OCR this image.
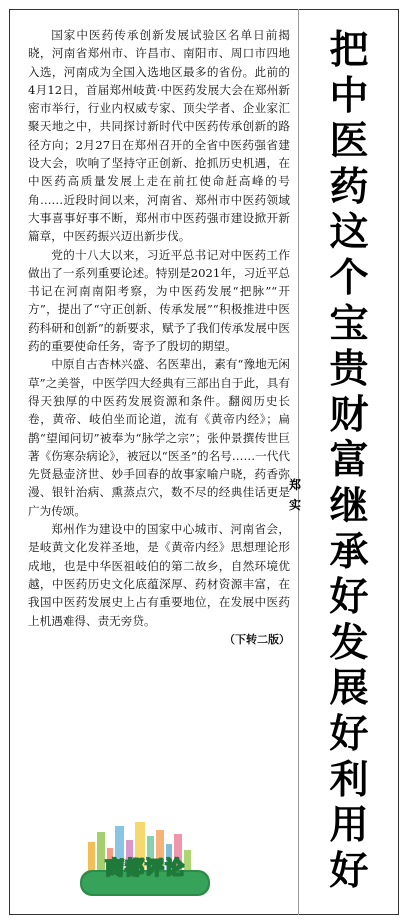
国家中医药传承创新发展试验区名单日前揭晓，河南省郑州市、许昌市、南阳市、周口市四地入选，河南成为全国入选地区最多的省份。此前的4月12日，首届郑州岐黄·中医药发展大会在郑州新密市举行，行业内权威专家、顶尖学者、企业家汇聚天地之中，共同探讨新时代中医药传承创新的路径方向；2月27日在郑州召开的全省中医药强省建设大会，吹响了坚持守正创新、抢抓历史机遇，在中医药高质量发展上走在前扛使命赶高峰的号角……近段时间以来，河南省、郑州市中医药领域大事喜事好事不断，郑州市中医药强市建设掀开新篇章，中医药振兴迈出新步伐。

党的十八大以来，习近平总书记对中医药工作做出了一系列重要论述。特别是2021年，习近平总书记在河南南阳考察，为中医药发展“把脉”“开方”，提出了“守正创新、传承发展”“积极推进中医药科研和创新”的新要求，赋予了我们传承发展中医药的重要使命任务，寄予了殷切的期望。

中原自古杏林兴盛、名医辈出，素有“豫地无闲草”之美誉，中医学四大经典有三部出自于此，具有得天独厚的中医药发展资源和条件。翻阅历史长卷，黄帝、岐伯坐而论道，流有《黄帝内经》；扁鹊“望闻问切”被奉为“脉学之宗”；张仲景撰传世巨著《伤寒杂病论》，被冠以“医圣”的名号……一代代先贤悬壶济世、妙手回春的故事家喻户晓，药香弥漫、银针治病、熏蒸点穴，数不尽的经典佳话更是广为传颂。

郑州作为建设中的国家中心城市、河南省会，是岐黄文化发祥圣地，是《黄帝内经》思想理论形成地，也是中华医祖岐伯的第二故乡，自然环境优越，中医药历史文化底蕴深厚、药材资源丰富，在我国中医药发展史上占有重要地位，在发展中医药上机遇难得、责无旁贷。

（下转二版）
把中医药这个宝贵财富继承好发展好利用好
郑实
商都评论
